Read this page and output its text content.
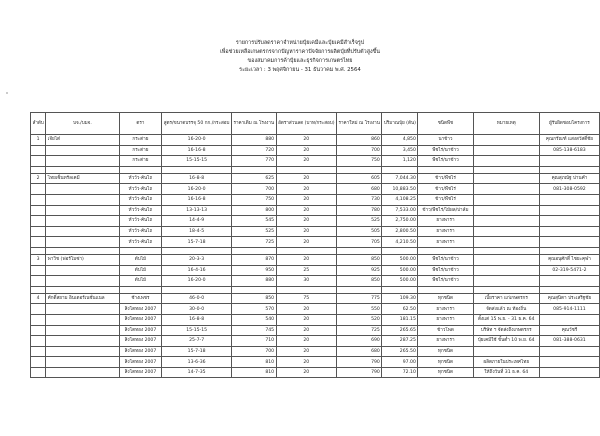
รายการปรับลดราคาจำหน่ายปุ๋ยเคมีและปุ๋ยเคมีสำเร็จรูป
เพื่อช่วยเหลือเกษตรกรจากปัญหาราคาปัจจัยการผลิตปุ๋ยที่ปรับตัวสูงขึ้น
ของสมาคมการค้าปุ๋ยและธุรกิจการเกษตรไทย
ระยะเวลา : 3 พฤศจิกายน - 31 ธันวาคม พ.ศ. 2564
ลำดับ	บจ./บมจ.	ตรา	สูตร/ขนาดบรรจุ 50 กก./กระสอบ	ราคาเดิม ณ โรงงาน	อัตราส่วนลด (บาท/กระสอบ)	ราคาใหม่ ณ โรงงาน	ปริมาณปุ๋ย (ตัน)	ชนิดพืช	หมายเหตุ	ผู้รับผิดชอบโครงการ
1	เจียไต๋	กระต่าย	16-20-0	880	20	860	4,850	นาข้าว		คุณกรัณฑ์ แสงสวัสดิ์ชัย
		กระต่าย	16-16-8	720	20	700	3,450	พืชไร่/นาข้าว		085-138-6183
		กระต่าย	15-15-15	770	20	750	1,120	พืชไร่/นาข้าว		

2	ไทยเซ็นทรัลเคมี	หัววัว-คันไถ	16-8-8	625	20	605	7,044.30	ข้าว/พืชไร่		คุณสุภณัฐ ปานคำ
		หัววัว-คันไถ	16-20-0	700	20	680	10,883.50	ข้าว/พืชไร่		081-308-0592
		หัววัว-คันไถ	16-16-8	750	20	730	4,108.25	ข้าว/พืชไร่		
		หัววัว-คันไถ	13-13-13	800	20	780	7,533.00	ข้าว/พืชไร่/ไม้ผล/ปาล์ม		
		หัววัว-คันไถ	14-4-9	545	20	525	2,750.00	ยางพารา		
		หัววัว-คันไถ	18-4-5	525	20	505	2,800.50	ยางพารา		
		หัววัว-คันไถ	15-7-18	725	20	705	4,210.50	ยางพารา		

3	พาวิช (ฟอร์โมซ่า)	ดับไม้	20-3-3	870	20	850	500.00	พืชไร่/นาข้าว		คุณอนุศักดิ์ ไชยะคุฬา
		ดับไม้	16-4-16	950	25	925	500.00	พืชไร่/นาข้าว		02-319-5471-2
		ดับไม้	16-20-0	880	30	850	500.00	พืชไร่/นาข้าว		

4	ศักดิ์สยาม อินเตอร์เนชั่นแนล	ช้างเพชร	46-0-0	850	75	775	109.30	ทุกชนิด	เบี้ยราคา แก่เกษตรกร	คุณสุนิตา ประเสริฐชัย
		สิงโตทอง 2007	30-0-0	570	20	550	62.50	ยางพารา	จัดส่งแล้ว ณ ท้องถิ่น	085-914-1111
		สิงโตทอง 2007	16-8-8	540	20	520	181.15	ยางพารา	ตั้งแต่ 15 พ.ย. - 31 ธ.ค. 64	
		สิงโตทอง 2007	15-15-15	745	20	725	265.65	ข้าวโพด	บริษัท ฯ จัดส่งถึงเกษตรกร	คุณวัชรี
		สิงโตทอง 2007	25-7-7	710	20	690	287.25	ยางพารา	ปุ๋ยเคมีใช้ ขั้นต่ำ 10 พ.ย. 64	081-388-0631
		สิงโตทอง 2007	15-7-18	700	20	680	265.50	ทุกชนิด		
		สิงโตทอง 2007	13-6-36	810	20	790	97.00	ทุกชนิด	ผลิตภายในประเทศไทย	
		สิงโตทอง 2007	14-7-35	810	20	790	72.10	ทุกชนิด	ให้ถึงวันที่ 31 ธ.ค. 64	
